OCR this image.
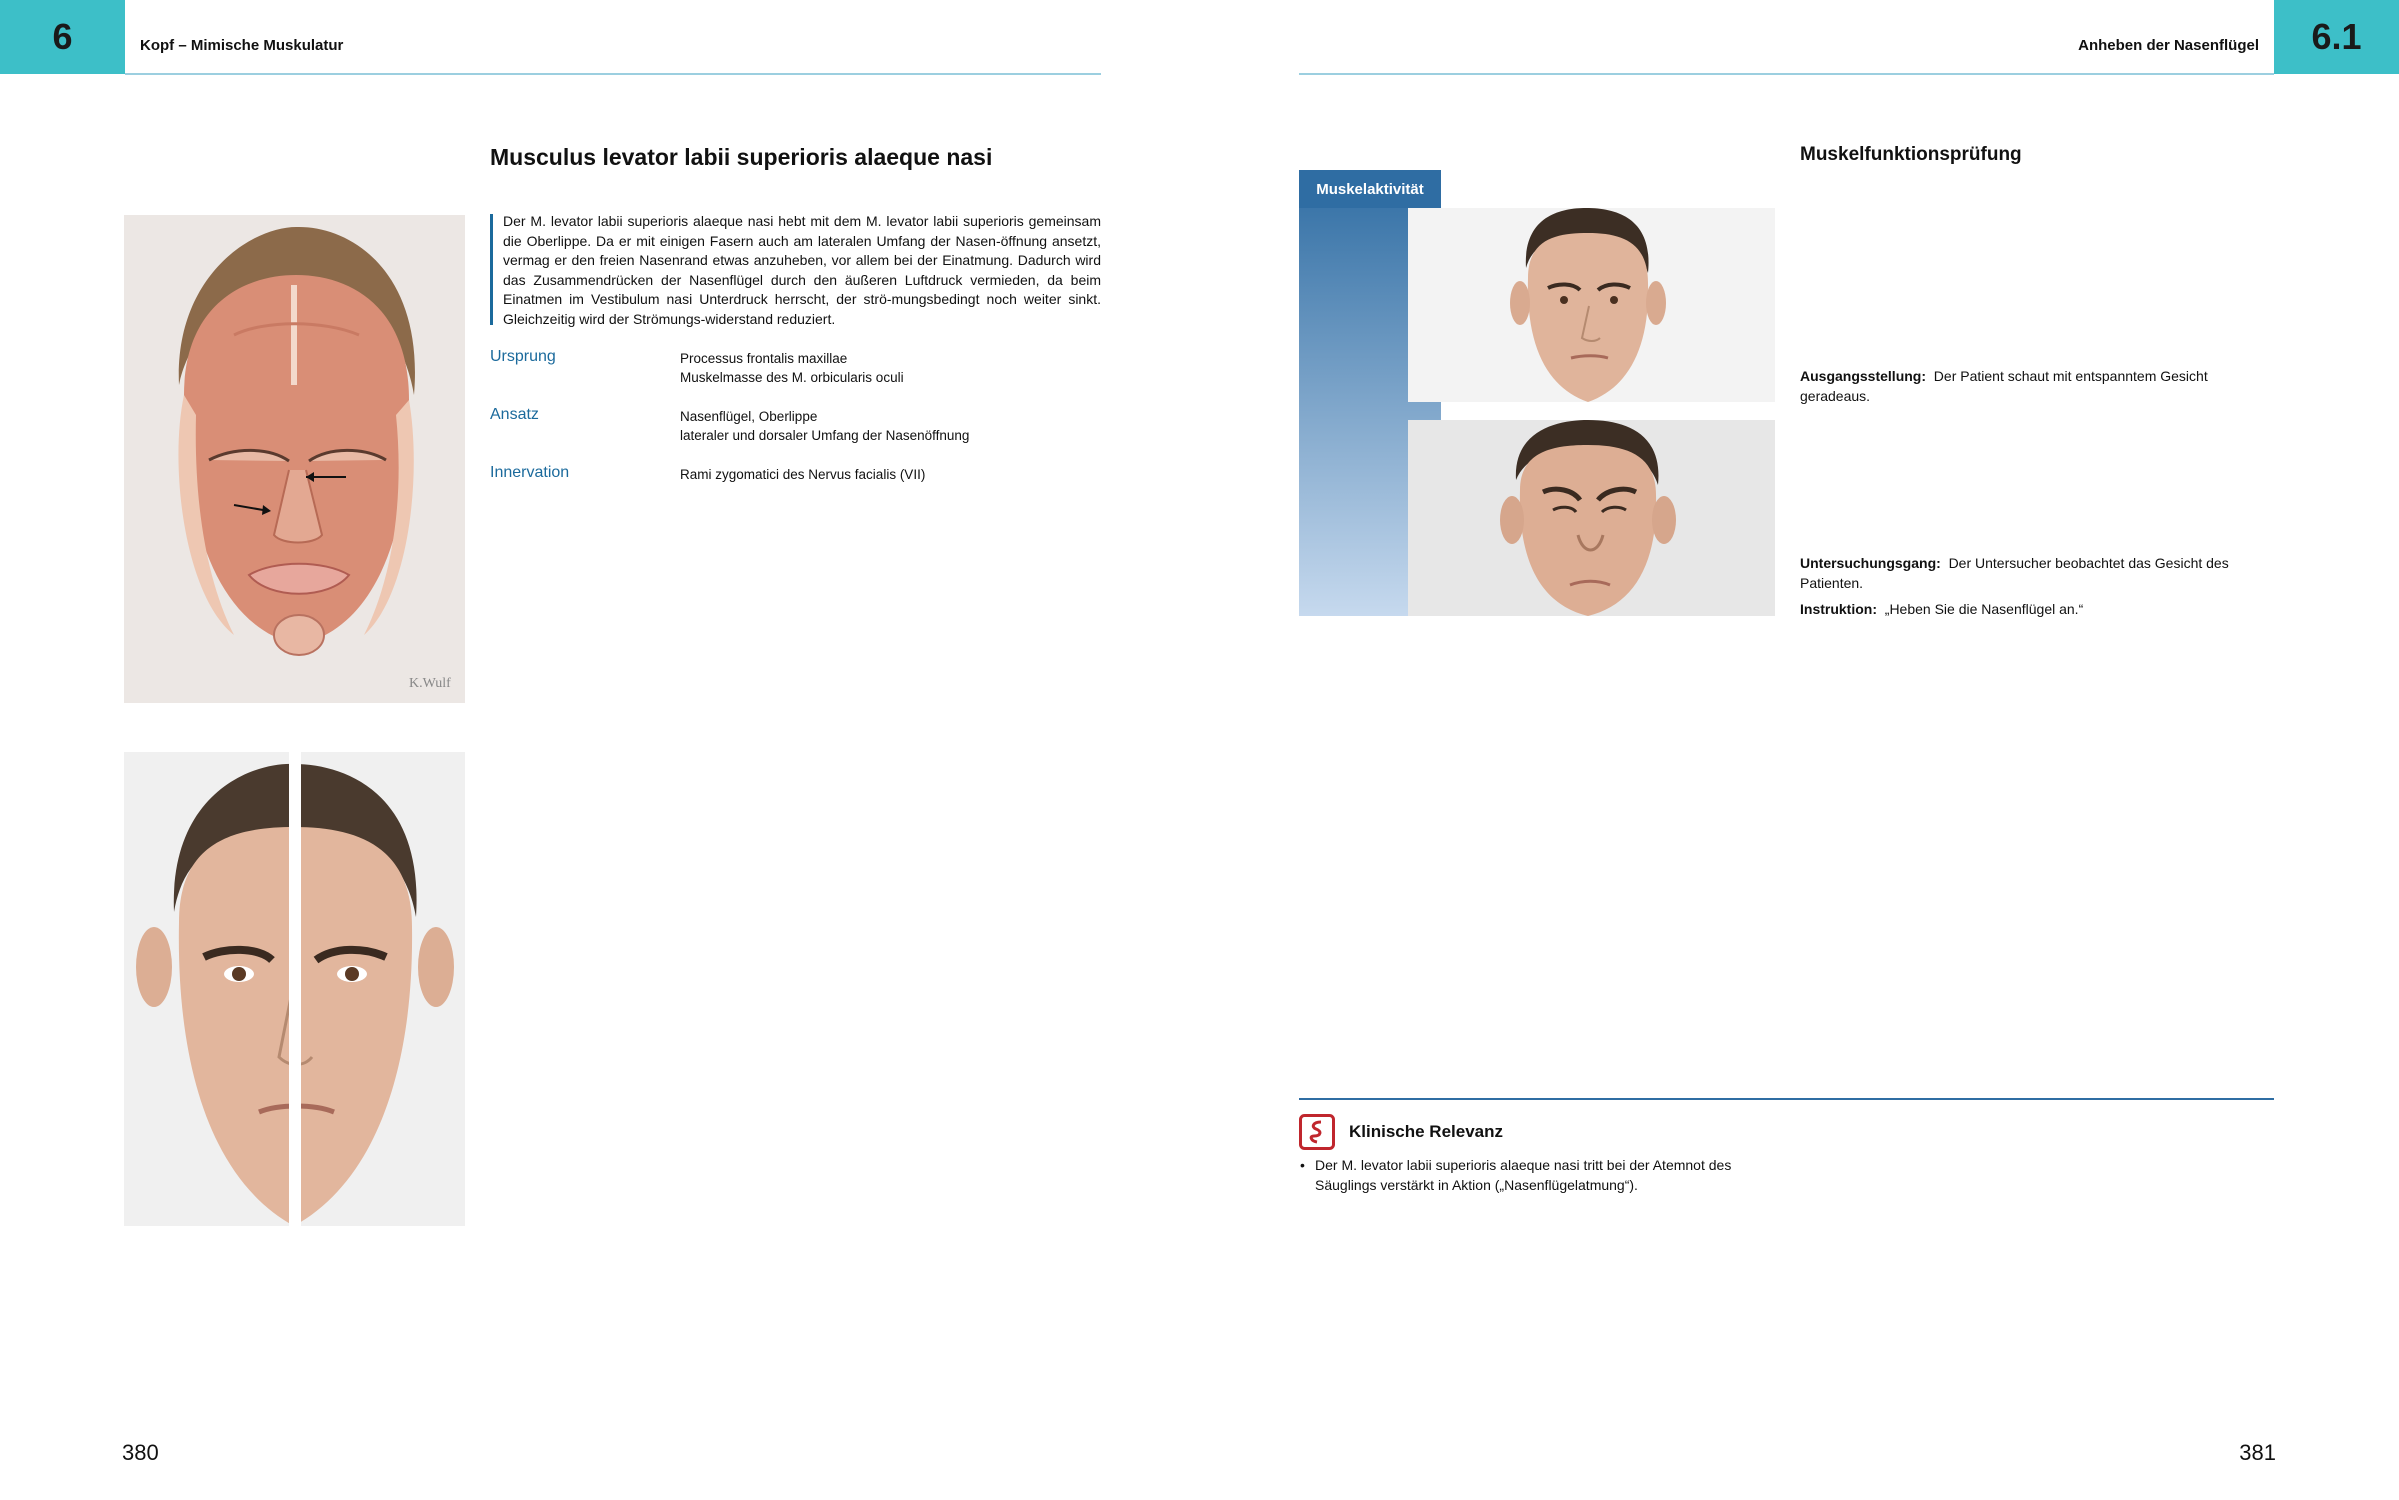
6	Kopf – Mimische Muskulatur
Musculus levator labii superioris alaeque nasi
K.Wulf
Der M. levator labii superioris alaeque nasi hebt mit dem M. levator labii superioris gemeinsam die Oberlippe. Da er mit einigen Fasern auch am lateralen Umfang der Nasen-öffnung ansetzt, vermag er den freien Nasenrand etwas anzuheben, vor allem bei der Einatmung. Dadurch wird das Zusammendrücken der Nasenflügel durch den äußeren Luftdruck vermieden, da beim Einatmen im Vestibulum nasi Unterdruck herrscht, der strö-mungsbedingt noch weiter sinkt. Gleichzeitig wird der Strömungs-widerstand reduziert.
Ursprung	Processus frontalis maxillae
Muskelmasse des M. orbicularis oculi
Ansatz	Nasenflügel, Oberlippe
lateraler und dorsaler Umfang der Nasenöffnung
Innervation	Rami zygomatici des Nervus facialis (VII)
380
6.1
Anheben der Nasenflügel
Muskelaktivität
Muskelfunktionsprüfung
Ausgangsstellung: Der Patient schaut mit entspanntem Gesicht geradeaus.
Untersuchungsgang: Der Untersucher beobachtet das Gesicht des Patienten.
Instruktion: „Heben Sie die Nasenflügel an.“
Klinische Relevanz
• Der M. levator labii superioris alaeque nasi tritt bei der Atemnot des Säuglings verstärkt in Aktion („Nasenflügelatmung“).
381
